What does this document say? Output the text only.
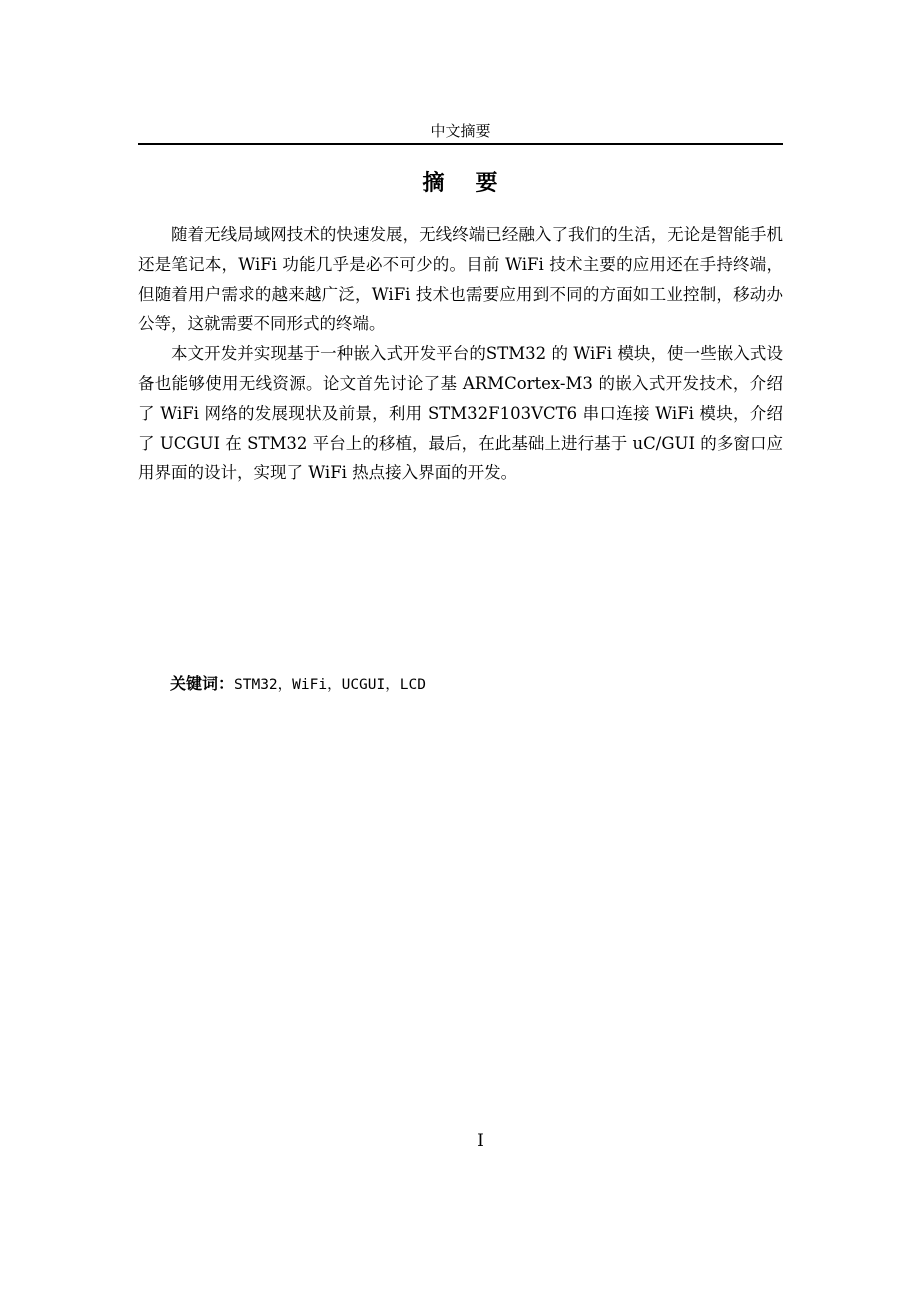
中文摘要
摘 要

随着无线局域网技术的快速发展，无线终端已经融入了我们的生活，无论是智能手机还是笔记本，WiFi 功能几乎是必不可少的。目前 WiFi 技术主要的应用还在手持终端，但随着用户需求的越来越广泛，WiFi 技术也需要应用到不同的方面如工业控制，移动办公等，这就需要不同形式的终端。

本文开发并实现基于一种嵌入式开发平台的STM32 的 WiFi 模块，使一些嵌入式设备也能够使用无线资源。论文首先讨论了基 ARMCortex-M3 的嵌入式开发技术，介绍了 WiFi 网络的发展现状及前景，利用 STM32F103VCT6 串口连接 WiFi 模块，介绍了 UCGUI 在 STM32 平台上的移植，最后，在此基础上进行基于 uC/GUI 的多窗口应用界面的设计，实现了 WiFi 热点接入界面的开发。

关键词：STM32，WiFi，UCGUI，LCD
I
